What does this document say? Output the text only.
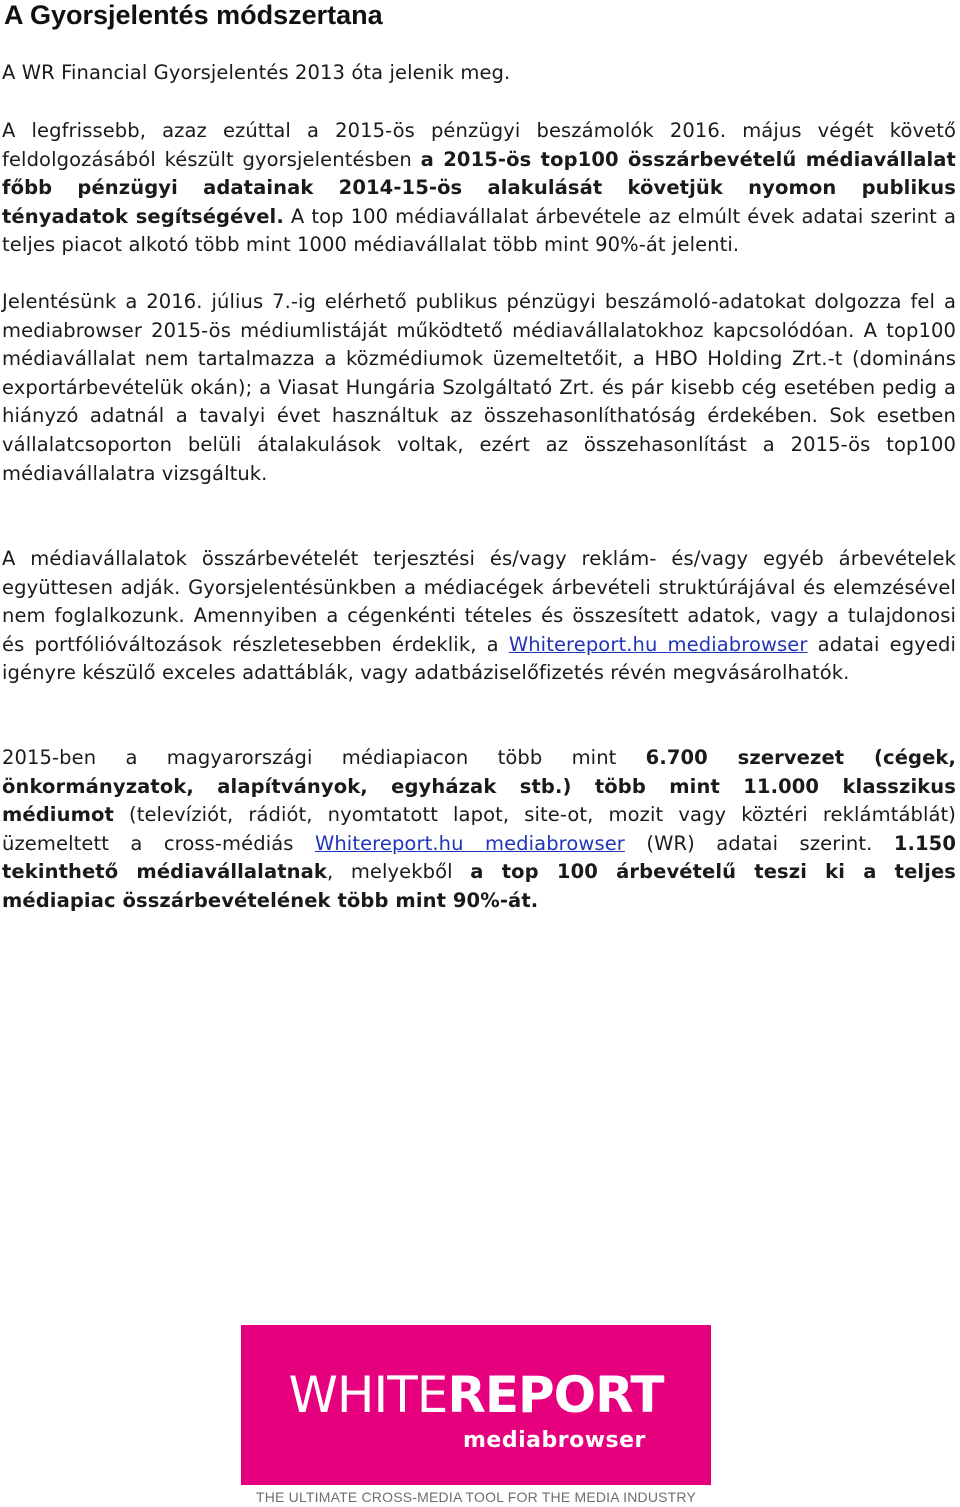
A Gyorsjelentés módszertana

A WR Financial Gyorsjelentés 2013 óta jelenik meg.

A legfrissebb, azaz ezúttal a 2015-ös pénzügyi beszámolók 2016. május végét követő feldolgozásából készült gyorsjelentésben a 2015-ös top100 összárbevételű médiavállalat főbb pénzügyi adatainak 2014-15-ös alakulását követjük nyomon publikus tényadatok segítségével. A top 100 médiavállalat árbevétele az elmúlt évek adatai szerint a teljes piacot alkotó több mint 1000 médiavállalat több mint 90%-át jelenti.

Jelentésünk a 2016. július 7.-ig elérhető publikus pénzügyi beszámoló-adatokat dolgozza fel a mediabrowser 2015-ös médiumlistáját működtető médiavállalatokhoz kapcsolódóan. A top100 médiavállalat nem tartalmazza a közmédiumok üzemeltetőit, a HBO Holding Zrt.-t (domináns exportárbevételük okán); a Viasat Hungária Szolgáltató Zrt. és pár kisebb cég esetében pedig a hiányzó adatnál a tavalyi évet használtuk az összehasonlíthatóság érdekében. Sok esetben vállalatcsoporton belüli átalakulások voltak, ezért az összehasonlítást a 2015-ös top100 médiavállalatra vizsgáltuk.

A médiavállalatok összárbevételét terjesztési és/vagy reklám- és/vagy egyéb árbevételek együttesen adják. Gyorsjelentésünkben a médiacégek árbevételi struktúrájával és elemzésével nem foglalkozunk. Amennyiben a cégenkénti tételes és összesített adatok, vagy a tulajdonosi és portfólióváltozások részletesebben érdeklik, a Whitereport.hu mediabrowser adatai egyedi igényre készülő exceles adattáblák, vagy adatbáziselőfizetés révén megvásárolhatók.

2015-ben a magyarországi médiapiacon több mint 6.700 szervezet (cégek, önkormányzatok, alapítványok, egyházak stb.) több mint 11.000 klasszikus médiumot (televíziót, rádiót, nyomtatott lapot, site-ot, mozit vagy köztéri reklámtáblát) üzemeltett a cross-médiás Whitereport.hu mediabrowser (WR) adatai szerint. 1.150 tekinthető médiavállalatnak, melyekből a top 100 árbevételű teszi ki a teljes médiapiac összárbevételének több mint 90%-át.

WHITEREPORT
mediabrowser
THE ULTIMATE CROSS-MEDIA TOOL FOR THE MEDIA INDUSTRY
